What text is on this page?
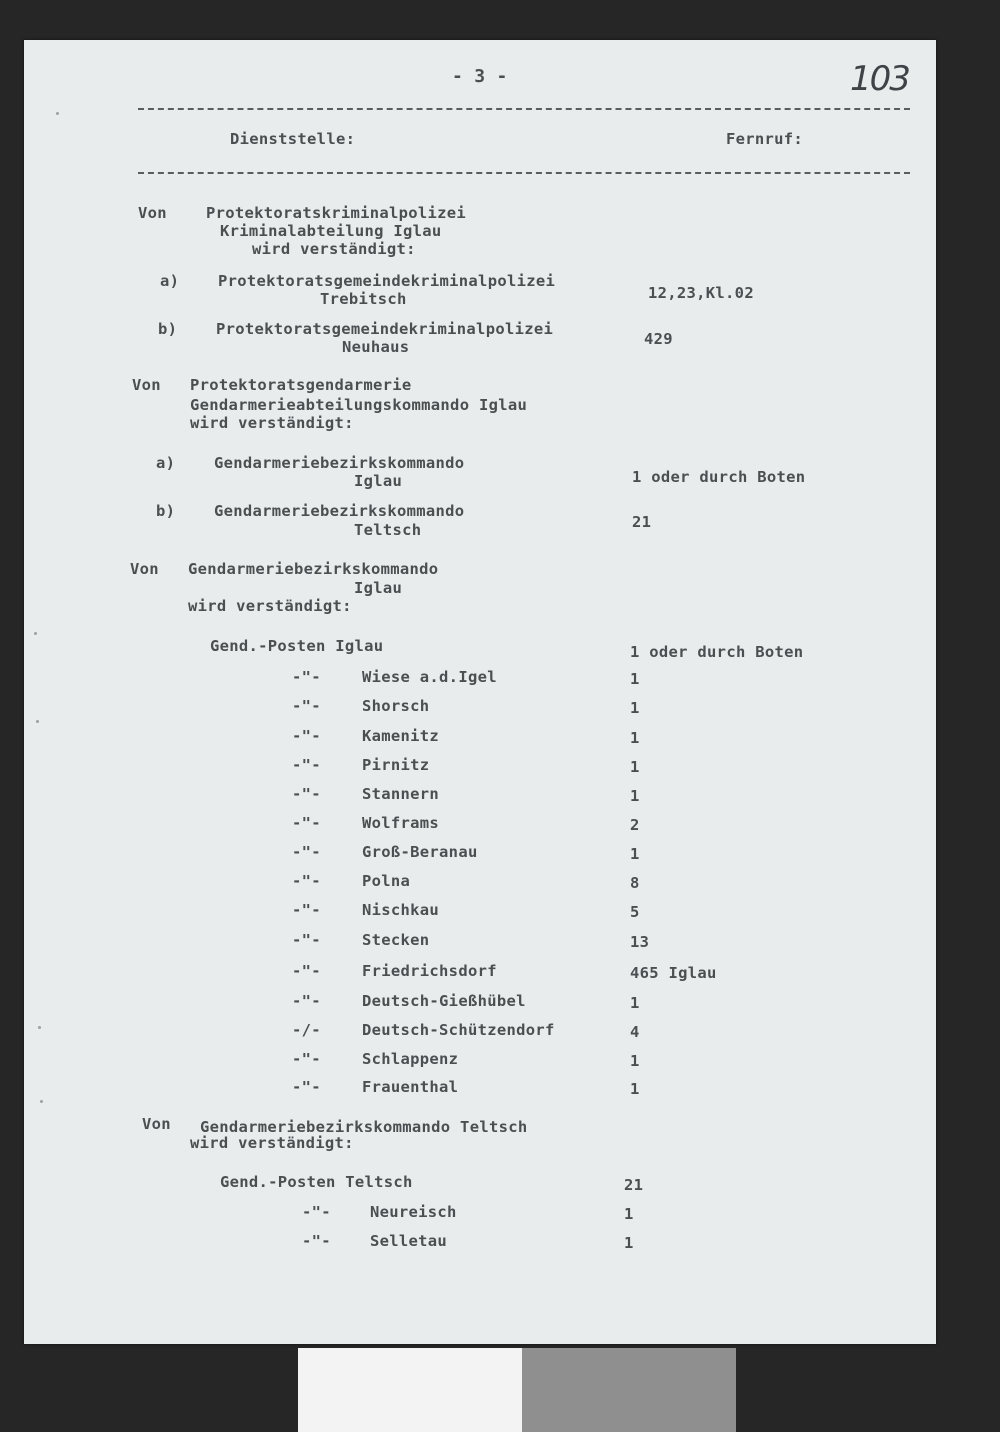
- 3 -	103
Dienststelle:	Fernruf:
Von	Protektoratskriminalpolizei
Kriminalabteilung Iglau
wird verständigt:
a) Protektoratsgemeindekriminalpolizei
Trebitsch	12,23,Kl.02
b) Protektoratsgemeindekriminalpolizei
Neuhaus	429
Von Protektoratsgendarmerie
Gendarmerieabteilungskommando Iglau
wird verständigt:
a) Gendarmeriebezirkskommando
Iglau	1 oder durch Boten
b) Gendarmeriebezirkskommando
Teltsch	21
Von Gendarmeriebezirkskommando
Iglau
wird verständigt:
Gend.-Posten Iglau	1 oder durch Boten
-"-	Wiese a.d.Igel	1
-"-	Shorsch	1
-"-	Kamenitz	1
-"-	Pirnitz	1
-"-	Stannern	1
-"-	Wolframs	2
-"-	Groß-Beranau	1
-"-	Polna	8
-"-	Nischkau	5
-"-	Stecken	13
-"-	Friedrichsdorf	465 Iglau
-"-	Deutsch-Gießhübel	1
-/-	Deutsch-Schützendorf	4
-"-	Schlappenz	1
-"-	Frauenthal	1
Von Gendarmeriebezirkskommando Teltsch
wird verständigt:
Gend.-Posten Teltsch	21
-"-	Neureisch	1
-"-	Selletau	1
